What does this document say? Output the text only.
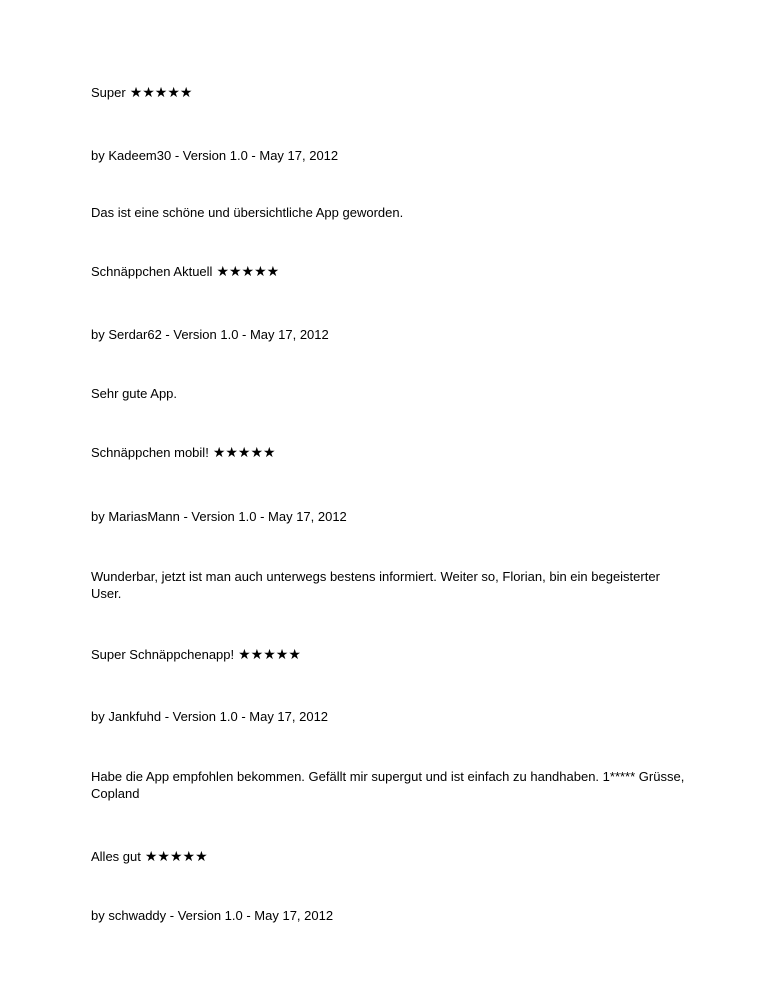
Super ★★★★★
by Kadeem30 - Version 1.0 - May 17, 2012
Das ist eine schöne und übersichtliche App geworden.
Schnäppchen Aktuell ★★★★★
by Serdar62 - Version 1.0 - May 17, 2012
Sehr gute App.
Schnäppchen mobil! ★★★★★
by MariasMann - Version 1.0 - May 17, 2012
Wunderbar, jetzt ist man auch unterwegs bestens informiert. Weiter so, Florian, bin ein begeisterter User.
Super Schnäppchenapp! ★★★★★
by Jankfuhd - Version 1.0 - May 17, 2012
Habe die App empfohlen bekommen. Gefällt mir supergut und ist einfach zu handhaben. 1***** Grüsse, Copland
Alles gut ★★★★★
by schwaddy - Version 1.0 - May 17, 2012
